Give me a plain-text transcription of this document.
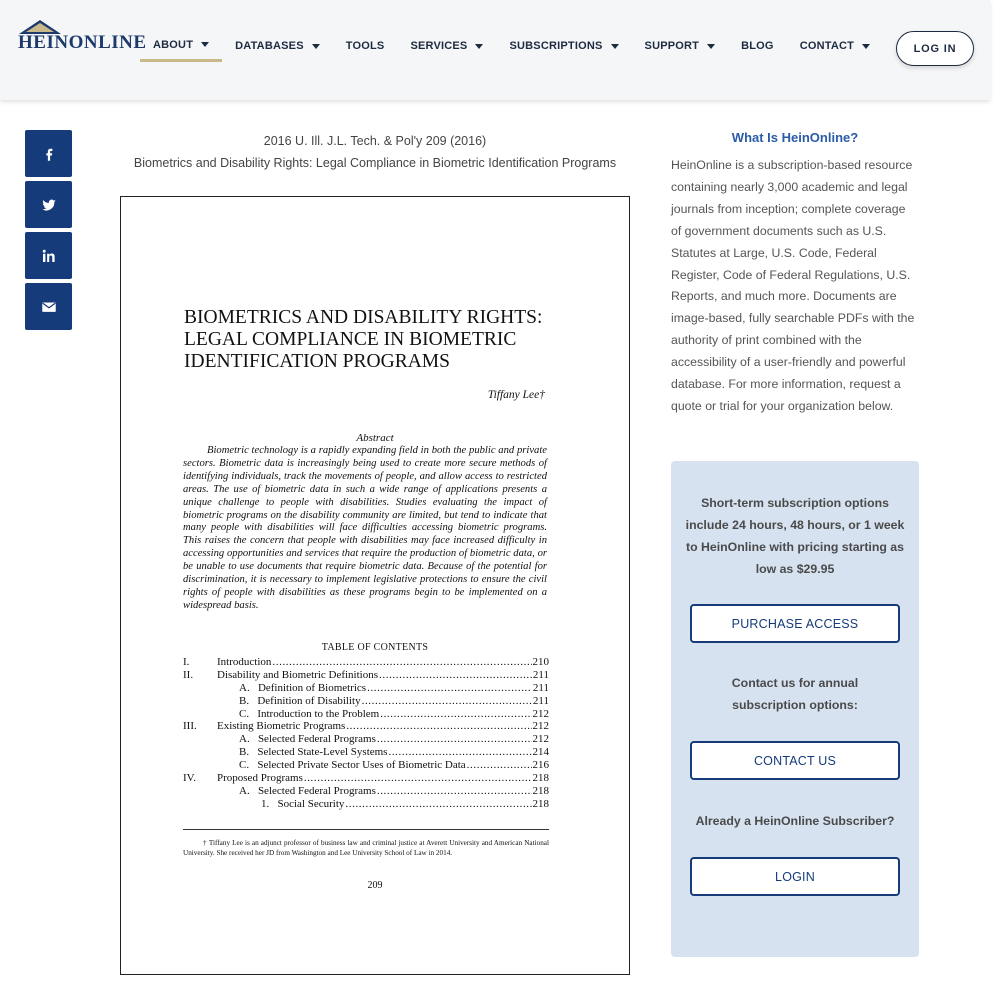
HEINONLINE ABOUT	DATABASES	TOOLS SERVICES	SUBSCRIPTIONS	SUPPORT	BLOG CONTACT	LOG IN
2016 U. Ill. J.L. Tech. & Pol'y 209 (2016)
Biometrics and Disability Rights: Legal Compliance in Biometric Identification Programs
BIOMETRICS AND DISABILITY RIGHTS:
LEGAL COMPLIANCE IN BIOMETRIC
IDENTIFICATION PROGRAMS
Tiffany Lee†
Abstract
Biometric technology is a rapidly expanding field in both the public and private sectors. Biometric data is increasingly being used to create more secure methods of identifying individuals, track the movements of people, and allow access to restricted areas. The use of biometric data in such a wide range of applications presents a unique challenge to people with disabilities. Studies evaluating the impact of biometric programs on the disability community are limited, but tend to indicate that many people with disabilities will face difficulties accessing biometric programs. This raises the concern that people with disabilities may face increased difficulty in accessing opportunities and services that require the production of biometric data, or be unable to use documents that require biometric data. Because of the potential for discrimination, it is necessary to implement legislative protections to ensure the civil rights of people with disabilities as these programs begin to be implemented on a widespread basis.
TABLE OF CONTENTS
I.	Introduction .....	210
II.	Disability and Biometric Definitions .....	211
A.   Definition of Biometrics .....	211
B.   Definition of Disability .....	211
C.   Introduction to the Problem .....	212
III.	Existing Biometric Programs .....	212
A.   Selected Federal Programs .....	212
B.   Selected State-Level Systems .....	214
C.   Selected Private Sector Uses of Biometric Data .....	216
IV.	Proposed Programs .....	218
A.   Selected Federal Programs .....	218
1.   Social Security .....	218
† Tiffany Lee is an adjunct professor of business law and criminal justice at Averett University and American National University. She received her JD from Washington and Lee University School of Law in 2014.
209
What Is HeinOnline?
HeinOnline is a subscription-based resource containing nearly 3,000 academic and legal journals from inception; complete coverage of government documents such as U.S. Statutes at Large, U.S. Code, Federal Register, Code of Federal Regulations, U.S. Reports, and much more. Documents are image-based, fully searchable PDFs with the authority of print combined with the accessibility of a user-friendly and powerful database. For more information, request a quote or trial for your organization below.
Short-term subscription options include 24 hours, 48 hours, or 1 week to HeinOnline with pricing starting as low as $29.95
PURCHASE ACCESS
Contact us for annual subscription options:
CONTACT US
Already a HeinOnline Subscriber?
LOGIN
